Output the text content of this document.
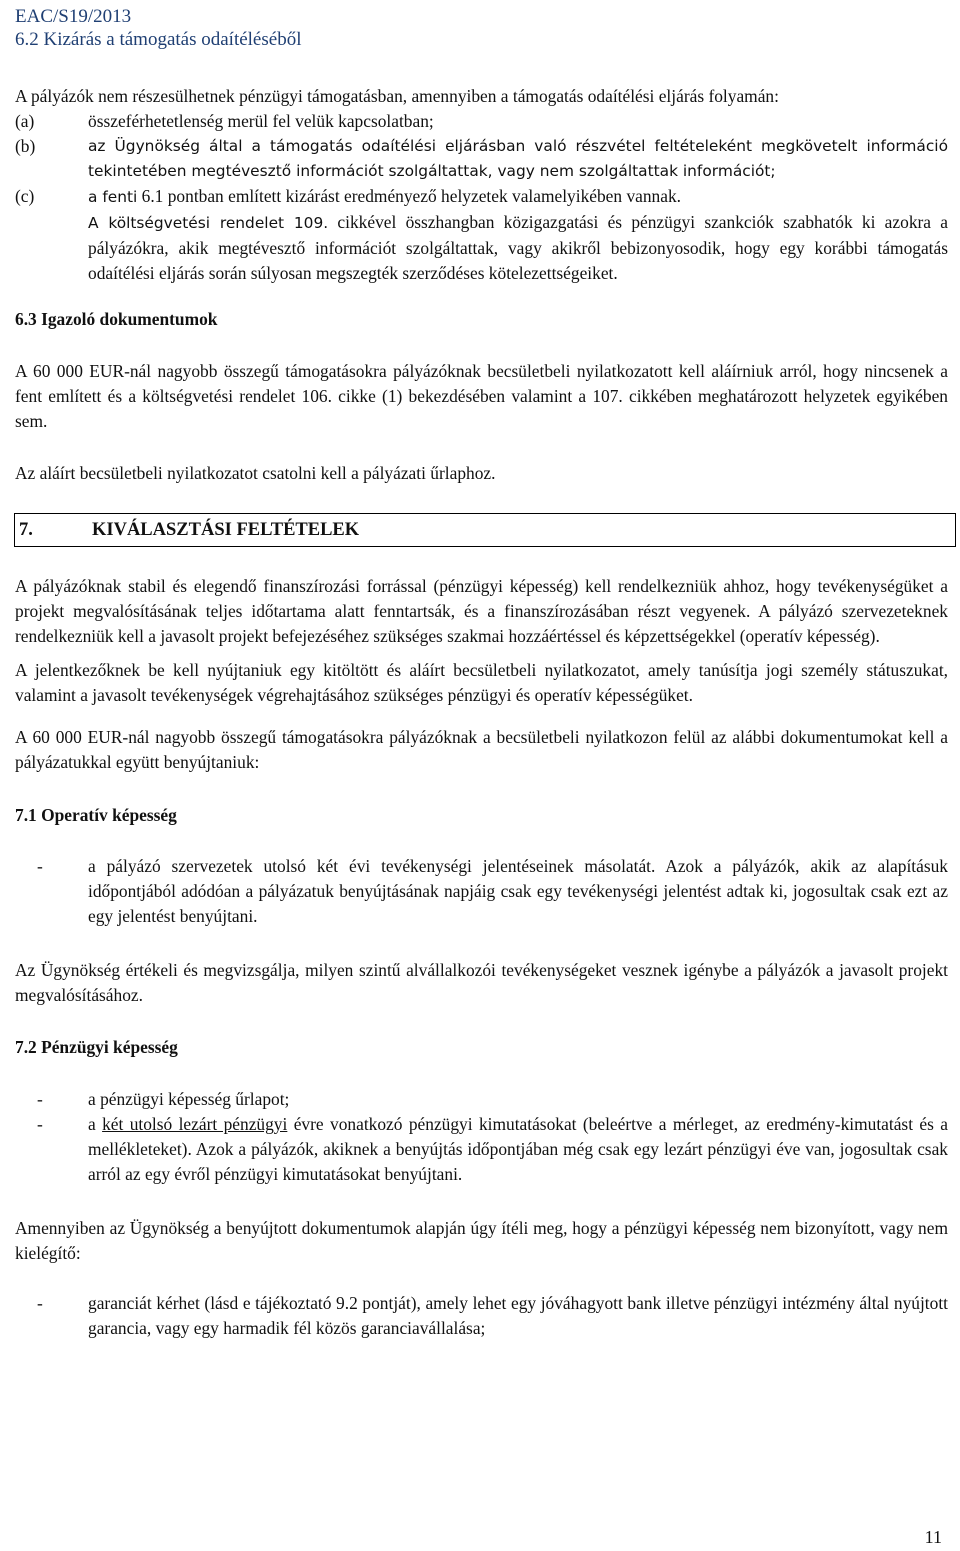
EAC/S19/2013
6.2 Kizárás a támogatás odaítéléséből

A pályázók nem részesülhetnek pénzügyi támogatásban, amennyiben a támogatás odaítélési eljárás folyamán:

(a)	összeférhetetlenség merül fel velük kapcsolatban;
(b)	az Ügynökség által a támogatás odaítélési eljárásban való részvétel feltételeként megkövetelt információ tekintetében megtévesztő információt szolgáltattak, vagy nem szolgáltattak információt;
(c)	a fenti 6.1 pontban említett kizárást eredményező helyzetek valamelyikében vannak.
A költségvetési rendelet 109. cikkével összhangban közigazgatási és pénzügyi szankciók szabhatók ki azokra a pályázókra, akik megtévesztő információt szolgáltattak, vagy akikről bebizonyosodik, hogy egy korábbi támogatás odaítélési eljárás során súlyosan megszegték szerződéses kötelezettségeiket.
6.3 Igazoló dokumentumok

A 60 000 EUR-nál nagyobb összegű támogatásokra pályázóknak becsületbeli nyilatkozatott kell aláírniuk arról, hogy nincsenek a fent említett és a költségvetési rendelet 106. cikke (1) bekezdésében valamint a 107. cikkében meghatározott helyzetek egyikében sem.

Az aláírt becsületbeli nyilatkozatot csatolni kell a pályázati űrlaphoz.

7.	KIVÁLASZTÁSI FELTÉTELEK

A pályázóknak stabil és elegendő finanszírozási forrással (pénzügyi képesség) kell rendelkezniük ahhoz, hogy tevékenységüket a projekt megvalósításának teljes időtartama alatt fenntartsák, és a finanszírozásában részt vegyenek. A pályázó szervezeteknek rendelkezniük kell a javasolt projekt befejezéséhez szükséges szakmai hozzáértéssel és képzettségekkel (operatív képesség).

A jelentkezőknek be kell nyújtaniuk egy kitöltött és aláírt becsületbeli nyilatkozatot, amely tanúsítja jogi személy státuszukat, valamint a javasolt tevékenységek végrehajtásához szükséges pénzügyi és operatív képességüket.

A 60 000 EUR-nál nagyobb összegű támogatásokra pályázóknak a becsületbeli nyilatkozon felül az alábbi dokumentumokat kell a pályázatukkal együtt benyújtaniuk:

7.1 Operatív képesség
-	a pályázó szervezetek utolsó két évi tevékenységi jelentéseinek másolatát. Azok a pályázók, akik az alapításuk időpontjából adódóan a pályázatuk benyújtásának napjáig csak egy tevékenységi jelentést adtak ki, jogosultak csak ezt az egy jelentést benyújtani.

Az Ügynökség értékeli és megvizsgálja, milyen szintű alvállalkozói tevékenységeket vesznek igénybe a pályázók a javasolt projekt megvalósításához.

7.2 Pénzügyi képesség
-	a pénzügyi képesség űrlapot;
-	a két utolsó lezárt pénzügyi évre vonatkozó pénzügyi kimutatásokat (beleértve a mérleget, az eredmény-kimutatást és a mellékleteket). Azok a pályázók, akiknek a benyújtás időpontjában még csak egy lezárt pénzügyi éve van, jogosultak csak arról az egy évről pénzügyi kimutatásokat benyújtani.

Amennyiben az Ügynökség a benyújtott dokumentumok alapján úgy ítéli meg, hogy a pénzügyi képesség nem bizonyított, vagy nem kielégítő:

-	garanciát kérhet (lásd e tájékoztató 9.2 pontját), amely lehet egy jóváhagyott bank illetve pénzügyi intézmény által nyújtott garancia, vagy egy harmadik fél közös garanciavállalása;
11
